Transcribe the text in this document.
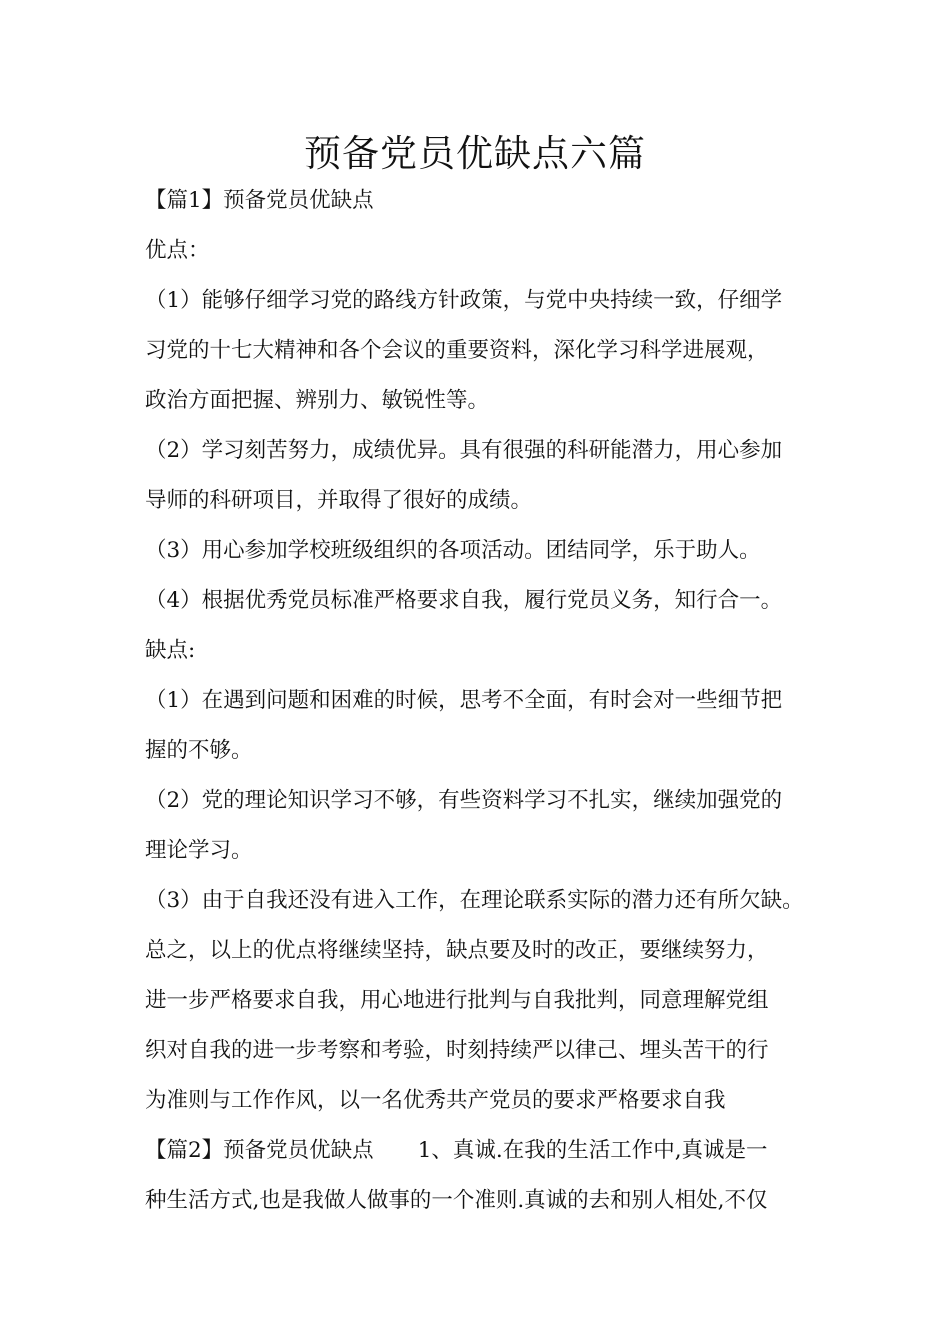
预备党员优缺点六篇
【篇1】预备党员优缺点
优点：
（1）能够仔细学习党的路线方针政策，与党中央持续一致，仔细学
习党的十七大精神和各个会议的重要资料，深化学习科学进展观，
政治方面把握、辨别力、敏锐性等。
（2）学习刻苦努力，成绩优异。具有很强的科研能潜力，用心参加
导师的科研项目，并取得了很好的成绩。
（3）用心参加学校班级组织的各项活动。团结同学，乐于助人。
（4）根据优秀党员标准严格要求自我，履行党员义务，知行合一。
缺点:
（1）在遇到问题和困难的时候，思考不全面，有时会对一些细节把
握的不够。
（2）党的理论知识学习不够，有些资料学习不扎实，继续加强党的
理论学习。
（3）由于自我还没有进入工作，在理论联系实际的潜力还有所欠缺。
总之，以上的优点将继续坚持，缺点要及时的改正，要继续努力，
进一步严格要求自我，用心地进行批判与自我批判，同意理解党组
织对自我的进一步考察和考验，时刻持续严以律己、埋头苦干的行
为准则与工作作风，以一名优秀共产党员的要求严格要求自我
【篇2】预备党员优缺点 1、真诚.在我的生活工作中,真诚是一
种生活方式,也是我做人做事的一个准则.真诚的去和别人相处,不仅
